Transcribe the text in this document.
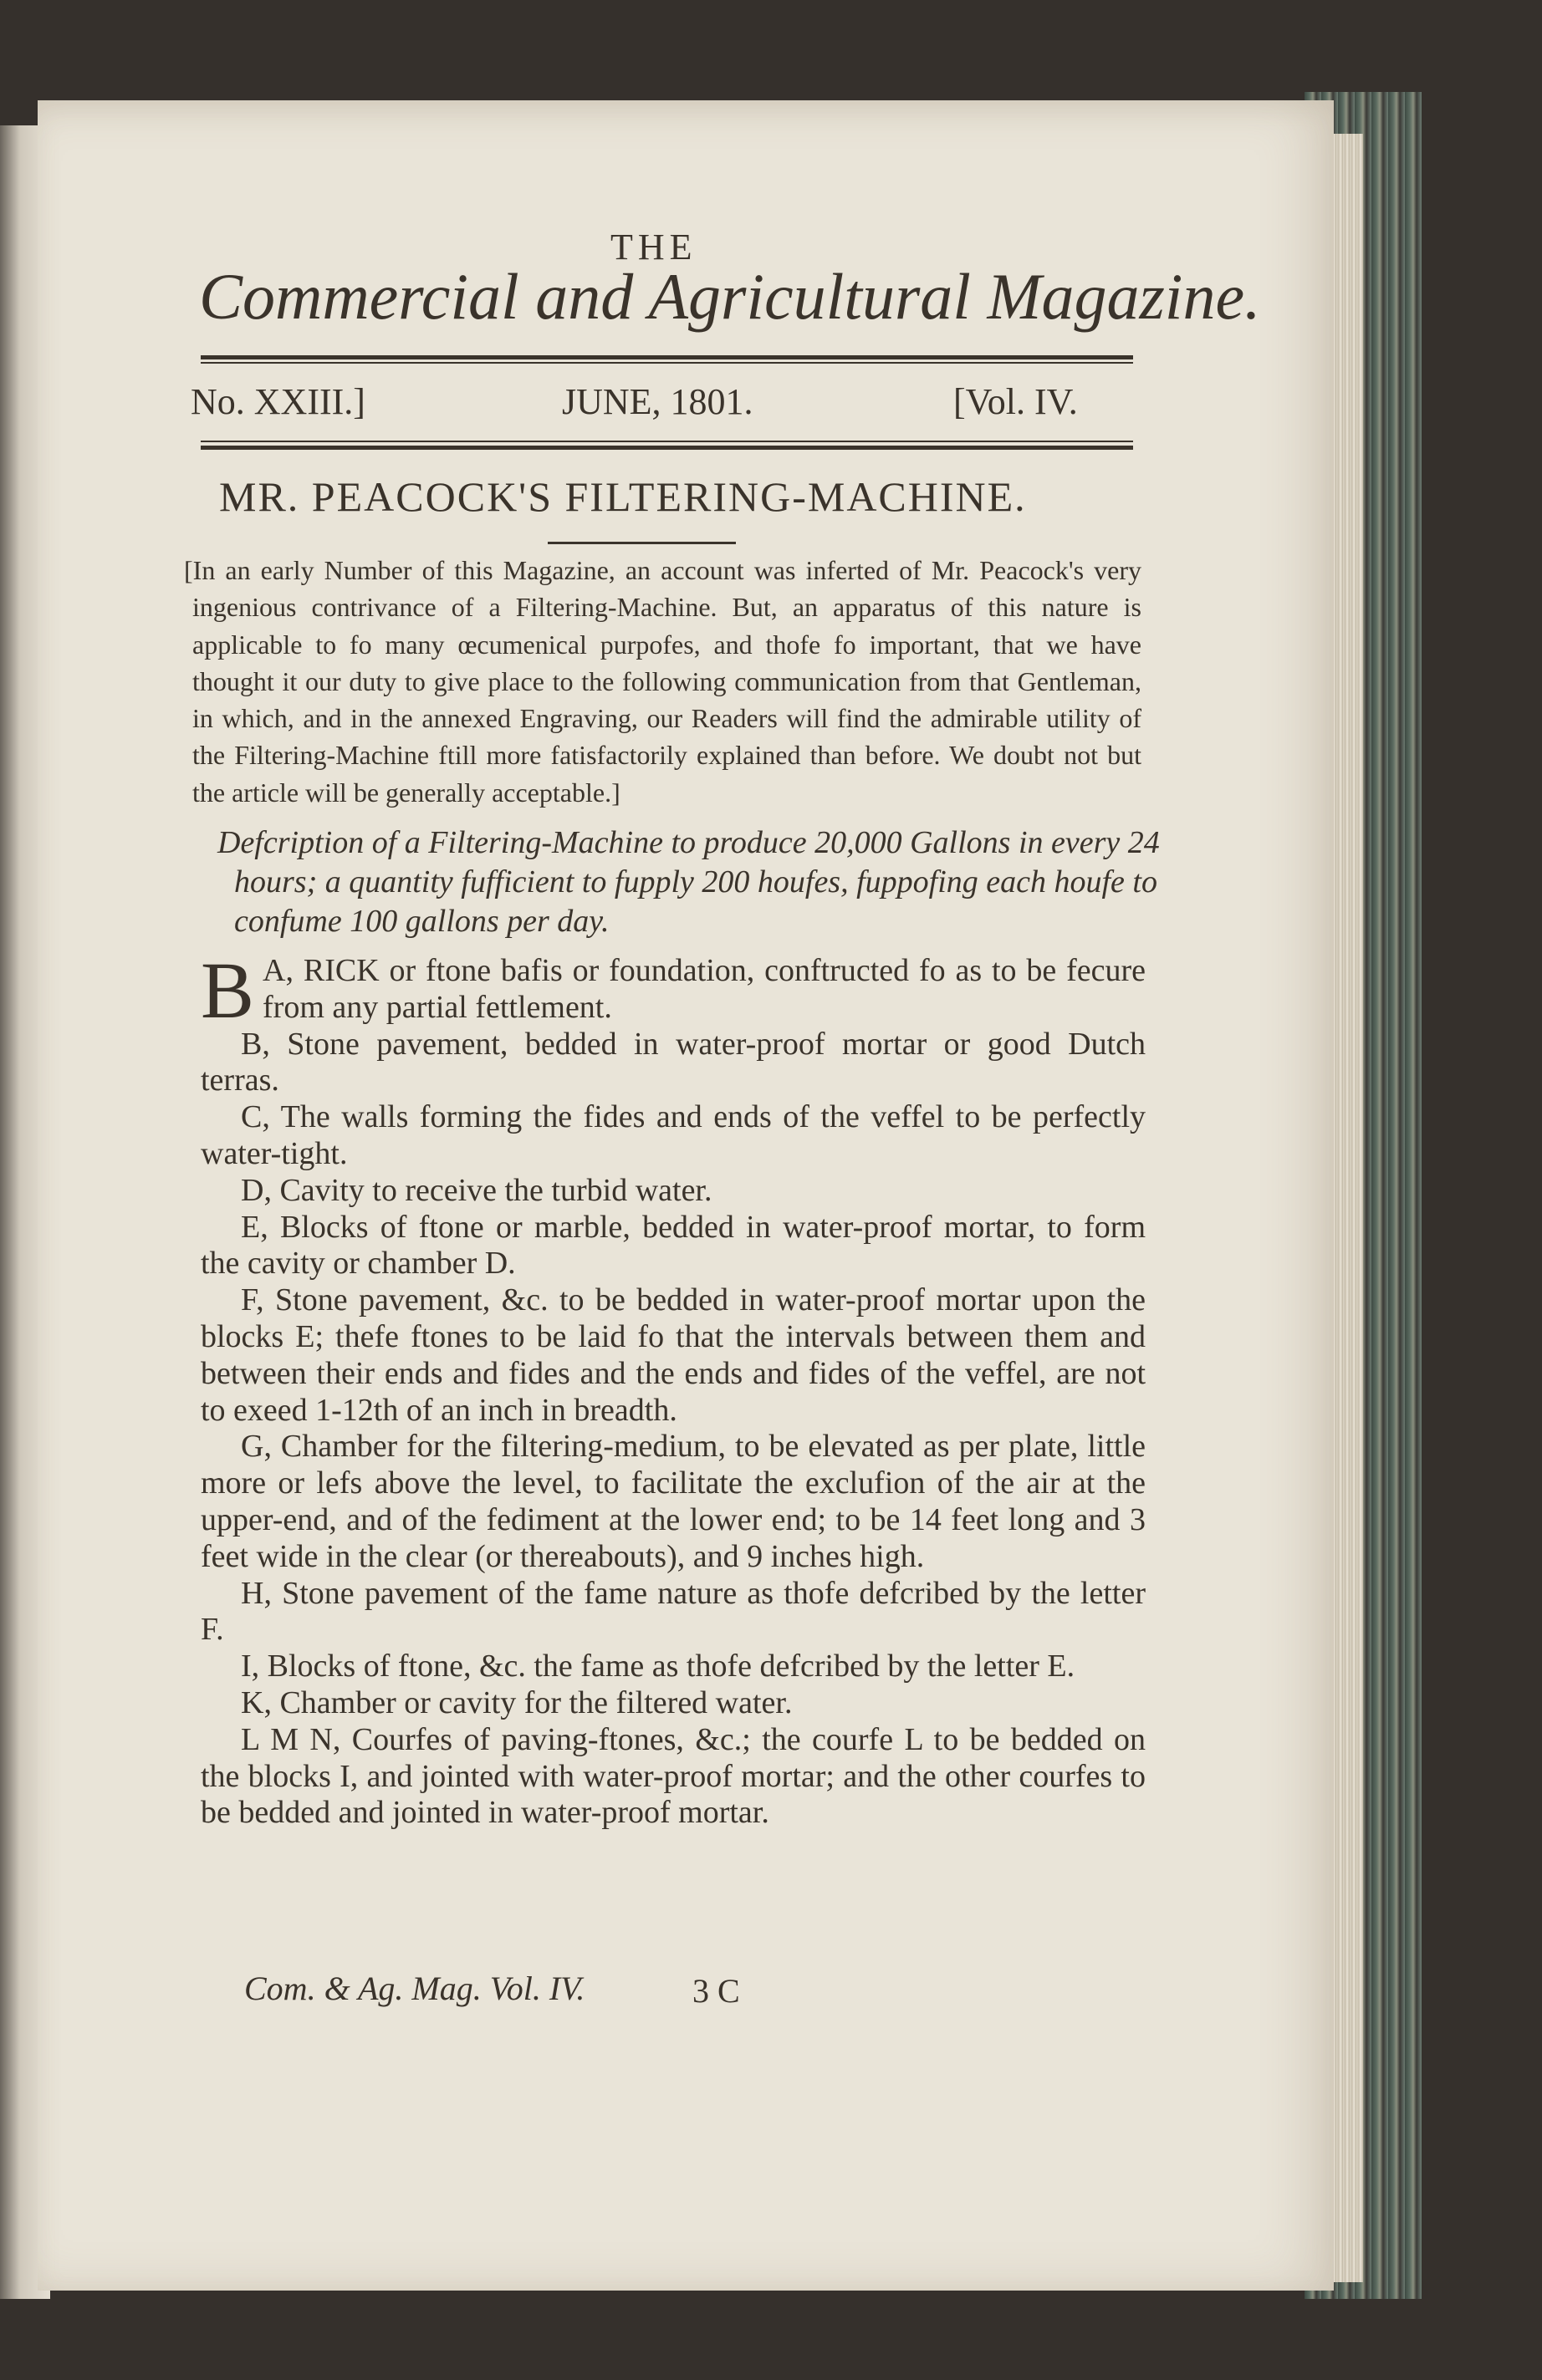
THE
Commercial and Agricultural Magazine.
No. XXIII.]	JUNE, 1801.	[Vol. IV.
MR. PEACOCK'S FILTERING-MACHINE.
[In an early Number of this Magazine, an account was inferted of Mr. Peacock's very ingenious contrivance of a Filtering-Machine. But, an apparatus of this nature is applicable to fo many œcumenical purpofes, and thofe fo important, that we have thought it our duty to give place to the following communication from that Gentleman, in which, and in the annexed Engraving, our Readers will find the admirable utility of the Filtering-Machine ftill more fatisfactorily explained than before. We doubt not but the article will be generally acceptable.]
Defcription of a Filtering-Machine to produce 20,000 Gallons in every 24 hours; a quantity fufficient to fupply 200 houfes, fuppofing each houfe to confume 100 gallons per day.

A,
B RICK or ftone bafis or foundation, conftructed fo as to be fecure from any partial fettlement.

B, Stone pavement, bedded in water-proof mortar or good Dutch terras.

C, The walls forming the fides and ends of the veffel to be perfectly water-tight.

D, Cavity to receive the turbid water.

E, Blocks of ftone or marble, bedded in water-proof mortar, to form the cavity or chamber D.

F, Stone pavement, &c. to be bedded in water-proof mortar upon the blocks E; thefe ftones to be laid fo that the intervals between them and between their ends and fides and the ends and fides of the veffel, are not to exeed 1-12th of an inch in breadth.

G, Chamber for the filtering-medium, to be elevated as per plate, little more or lefs above the level, to facilitate the exclufion of the air at the upper-end, and of the fediment at the lower end; to be 14 feet long and 3 feet wide in the clear (or thereabouts), and 9 inches high.

H, Stone pavement of the fame nature as thofe defcribed by the letter F.

I, Blocks of ftone, &c. the fame as thofe defcribed by the letter E.

K, Chamber or cavity for the filtered water.

L M N, Courfes of paving-ftones, &c.; the courfe L to be bedded on the blocks I, and jointed with water-proof mortar; and the other courfes to be bedded and jointed in water-proof mortar.

Com. & Ag. Mag. Vol. IV.	3 C
